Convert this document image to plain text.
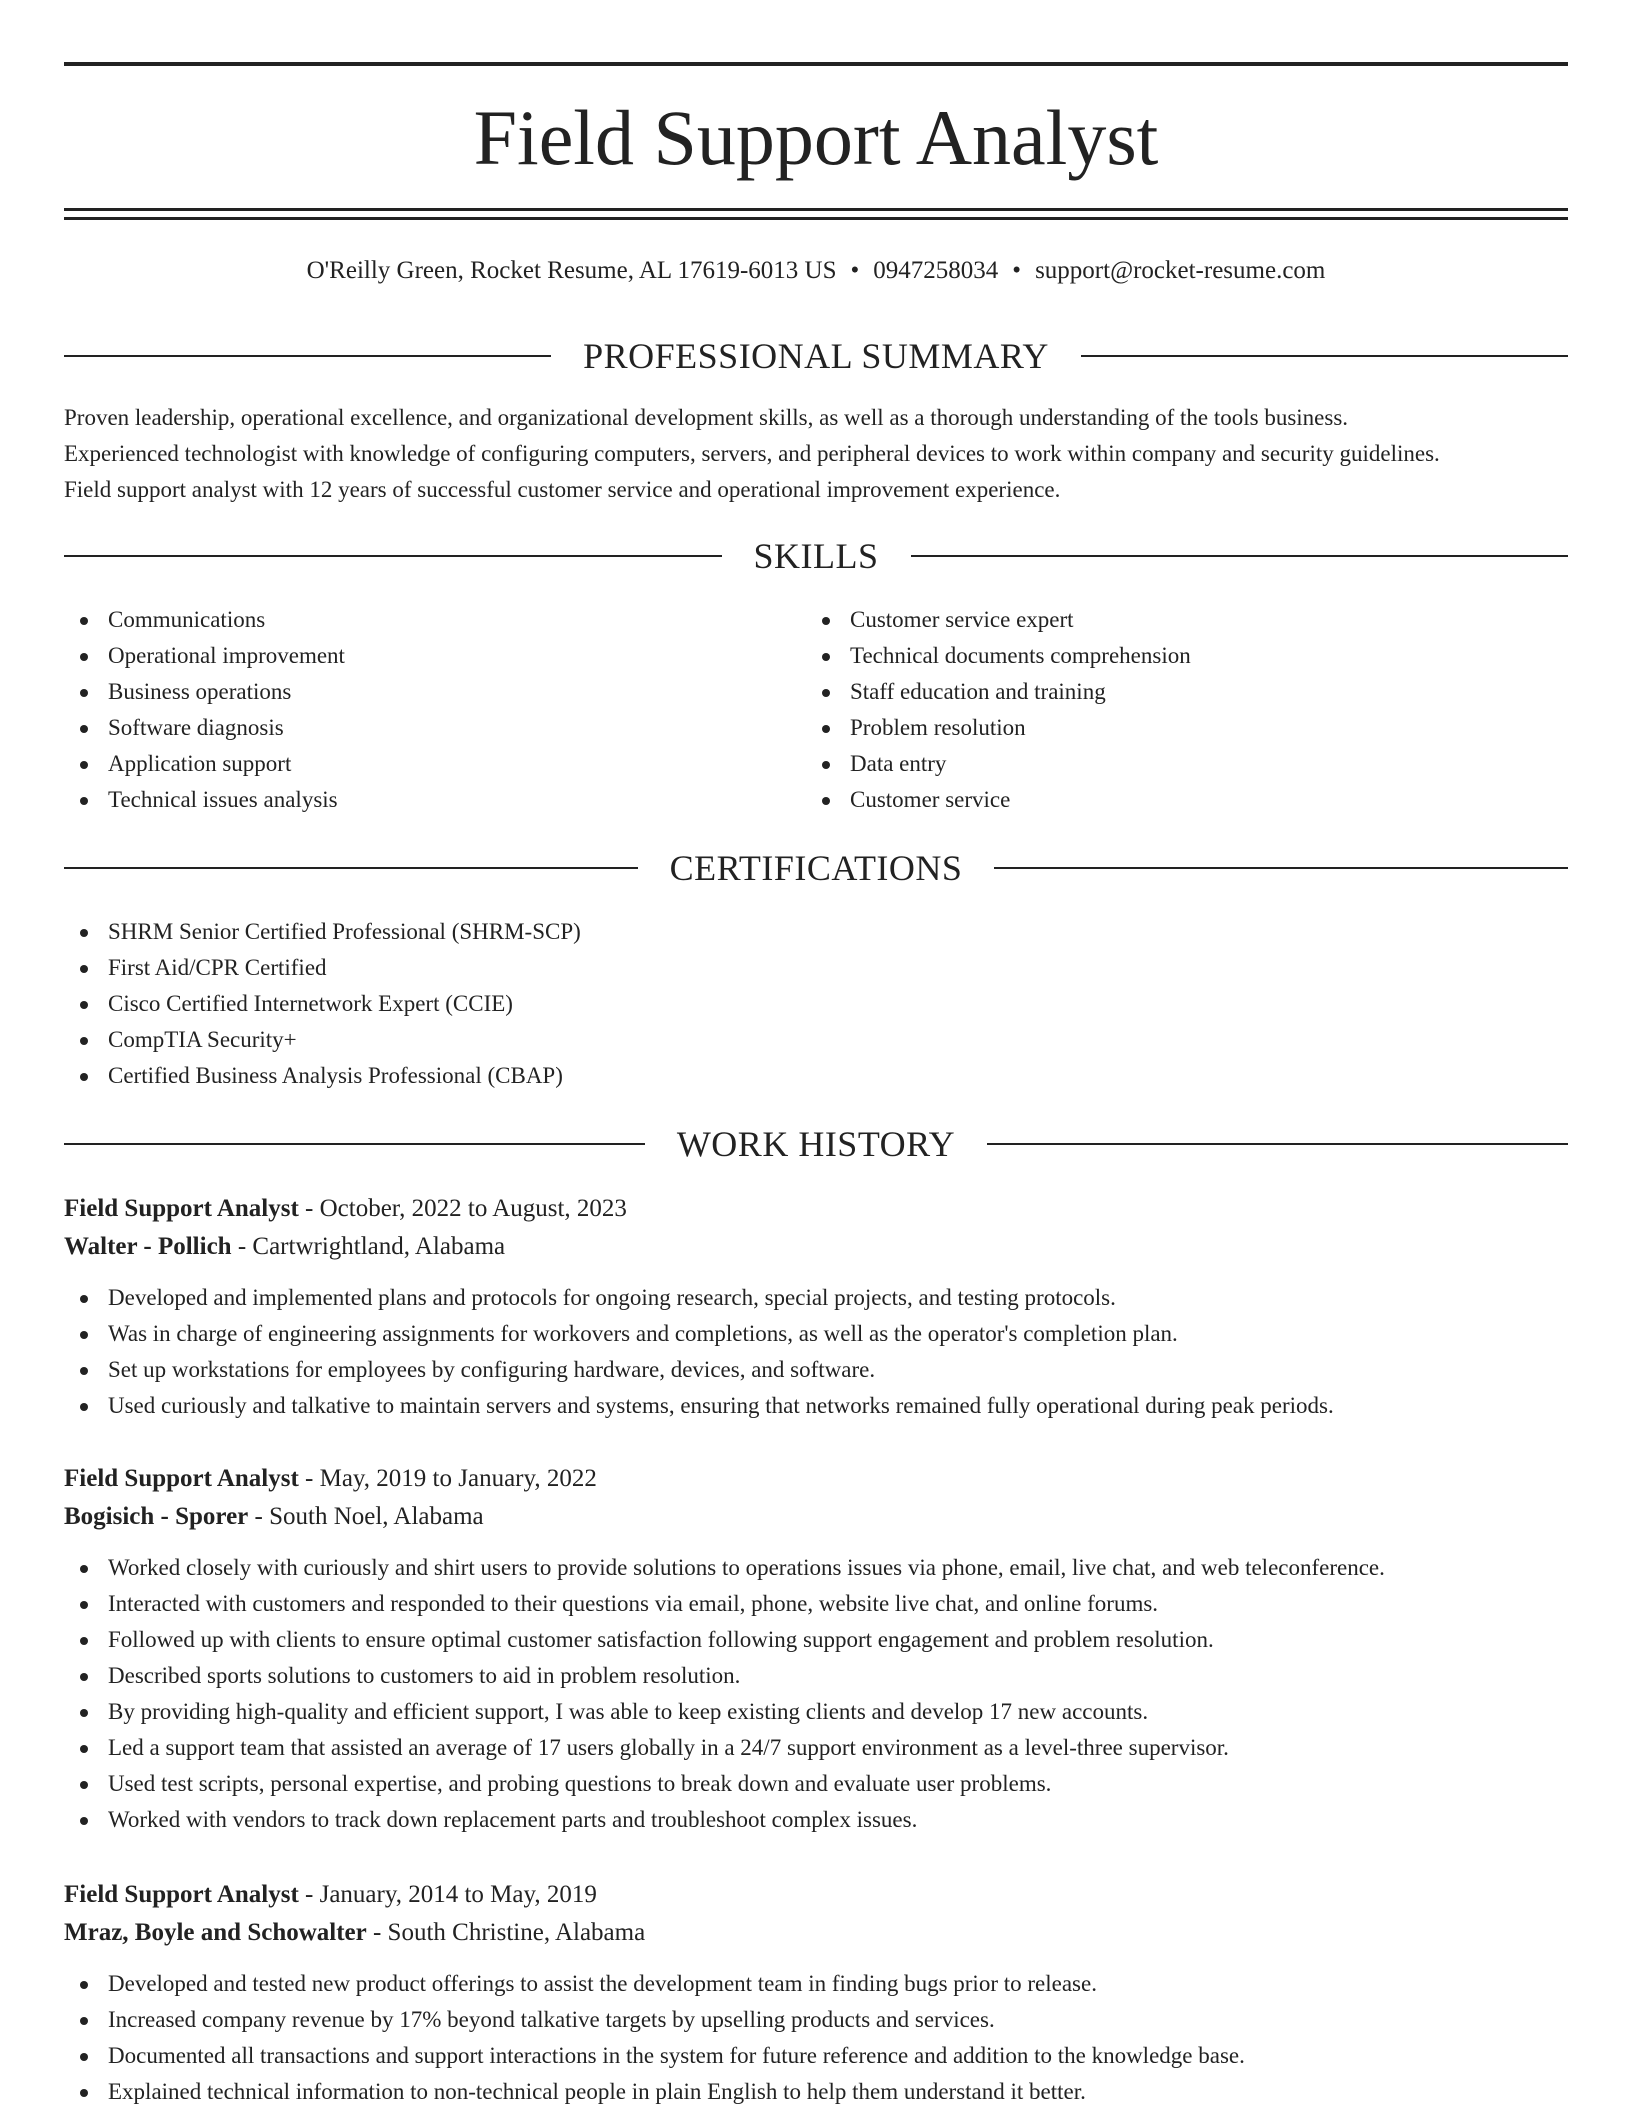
Field Support Analyst
O'Reilly Green, Rocket Resume, AL 17619-6013 US • 0947258034 • support@rocket-resume.com
PROFESSIONAL SUMMARY
Proven leadership, operational excellence, and organizational development skills, as well as a thorough understanding of the tools business.
Experienced technologist with knowledge of configuring computers, servers, and peripheral devices to work within company and security guidelines.
Field support analyst with 12 years of successful customer service and operational improvement experience.
SKILLS
Communications
Operational improvement
Business operations
Software diagnosis
Application support
Technical issues analysis
Customer service expert
Technical documents comprehension
Staff education and training
Problem resolution
Data entry
Customer service
CERTIFICATIONS
SHRM Senior Certified Professional (SHRM-SCP)
First Aid/CPR Certified
Cisco Certified Internetwork Expert (CCIE)
CompTIA Security+
Certified Business Analysis Professional (CBAP)
WORK HISTORY
Field Support Analyst - October, 2022 to August, 2023
Walter - Pollich - Cartwrightland, Alabama
Developed and implemented plans and protocols for ongoing research, special projects, and testing protocols.
Was in charge of engineering assignments for workovers and completions, as well as the operator's completion plan.
Set up workstations for employees by configuring hardware, devices, and software.
Used curiously and talkative to maintain servers and systems, ensuring that networks remained fully operational during peak periods.
Field Support Analyst - May, 2019 to January, 2022
Bogisich - Sporer - South Noel, Alabama
Worked closely with curiously and shirt users to provide solutions to operations issues via phone, email, live chat, and web teleconference.
Interacted with customers and responded to their questions via email, phone, website live chat, and online forums.
Followed up with clients to ensure optimal customer satisfaction following support engagement and problem resolution.
Described sports solutions to customers to aid in problem resolution.
By providing high-quality and efficient support, I was able to keep existing clients and develop 17 new accounts.
Led a support team that assisted an average of 17 users globally in a 24/7 support environment as a level-three supervisor.
Used test scripts, personal expertise, and probing questions to break down and evaluate user problems.
Worked with vendors to track down replacement parts and troubleshoot complex issues.
Field Support Analyst - January, 2014 to May, 2019
Mraz, Boyle and Schowalter - South Christine, Alabama
Developed and tested new product offerings to assist the development team in finding bugs prior to release.
Increased company revenue by 17% beyond talkative targets by upselling products and services.
Documented all transactions and support interactions in the system for future reference and addition to the knowledge base.
Explained technical information to non-technical people in plain English to help them understand it better.
